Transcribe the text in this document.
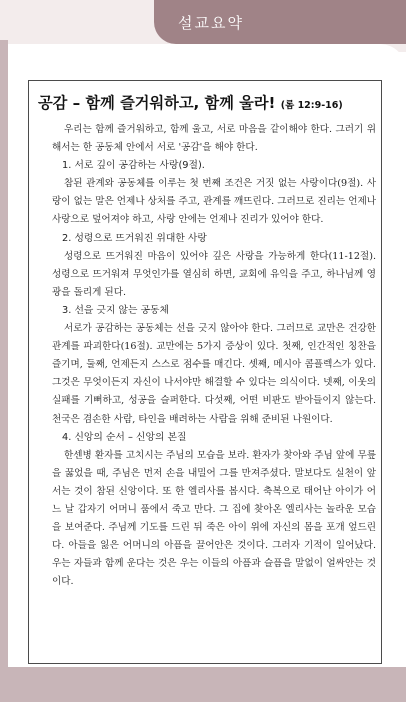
설교요약
공감 – 함께 즐거워하고, 함께 울라! (롬 12:9-16)

우리는 함께 즐거워하고, 함께 울고, 서로 마음을 같이해야 한다. 그러기 위해서는 한 공동체 안에서 서로 '공감'을 해야 한다.

1. 서로 깊이 공감하는 사랑(9절).

참된 관계와 공동체를 이루는 첫 번째 조건은 거짓 없는 사랑이다(9절). 사랑이 없는 말은 언제나 상처를 주고, 관계를 깨뜨린다. 그러므로 진리는 언제나 사랑으로 덮어져야 하고, 사랑 안에는 언제나 진리가 있어야 한다.

2. 성령으로 뜨거워진 위대한 사랑

성령으로 뜨거워진 마음이 있어야 깊은 사랑을 가능하게 한다(11-12절). 성령으로 뜨거워져 무엇인가를 열심히 하면, 교회에 유익을 주고, 하나님께 영광을 돌리게 된다.

3. 선을 긋지 않는 공동체

서로가 공감하는 공동체는 선을 긋지 않아야 한다. 그러므로 교만은 건강한 관계를 파괴한다(16절). 교만에는 5가지 증상이 있다. 첫째, 인간적인 칭찬을 즐기며, 둘째, 언제든지 스스로 점수를 매긴다. 셋째, 메시아 콤플렉스가 있다. 그것은 무엇이든지 자신이 나서야만 해결할 수 있다는 의식이다. 넷째, 이웃의 실패를 기뻐하고, 성공을 슬퍼한다. 다섯째, 어떤 비판도 받아들이지 않는다. 천국은 겸손한 사람, 타인을 배려하는 사람을 위해 준비된 나원이다.

4. 신앙의 순서 – 신앙의 본질

한센병 환자를 고치시는 주님의 모습을 보라. 환자가 찾아와 주님 앞에 무릎을 꿇었을 때, 주님은 먼저 손을 내밀어 그를 만져주셨다. 말보다도 실천이 앞서는 것이 참된 신앙이다. 또 한 엘리사를 봅시다. 축복으로 태어난 아이가 어느 날 갑자기 어머니 품에서 죽고 만다. 그 집에 찾아온 엘리사는 놀라운 모습을 보여준다. 주님께 기도를 드린 뒤 죽은 아이 위에 자신의 몸을 포개 엎드린다. 아들을 잃은 어머니의 아픔을 끌어안은 것이다. 그러자 기적이 일어났다. 우는 자들과 함께 운다는 것은 우는 이들의 아픔과 슬픔을 말없이 얼싸안는 것이다.
